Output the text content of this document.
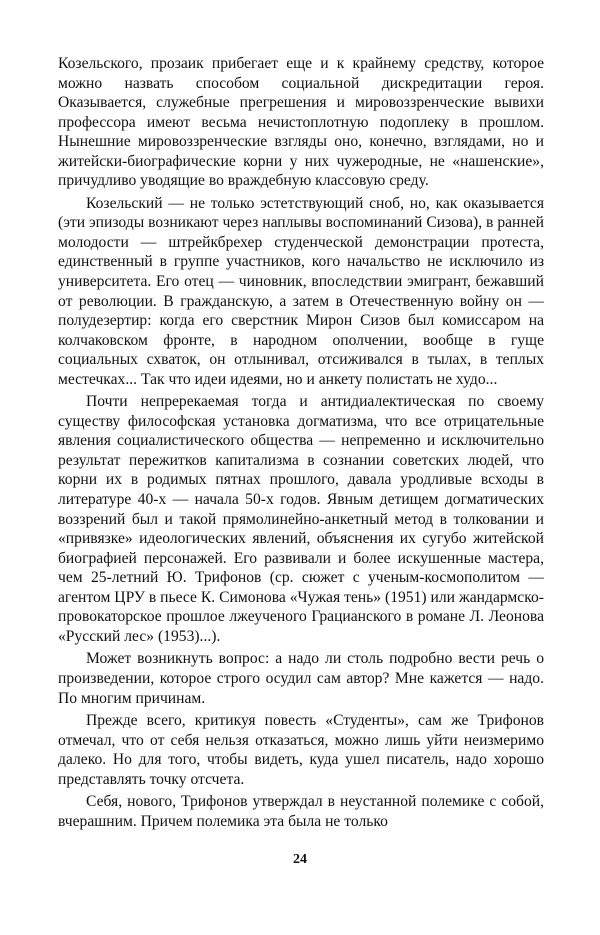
Козельского, прозаик прибегает еще и к крайнему средству, которое можно назвать способом социальной дискредитации героя. Оказывается, служебные прегрешения и мировоззренческие вывихи профессора имеют весьма нечистоплотную подоплеку в прошлом. Нынешние мировоззренческие взгляды оно, конечно, взглядами, но и житейски-биографические корни у них чужеродные, не «нашенские», причудливо уводящие во враждебную классовую среду.

Козельский — не только эстетствующий сноб, но, как оказывается (эти эпизоды возникают через наплывы воспоминаний Сизова), в ранней молодости — штрейкбрехер студенческой демонстрации протеста, единственный в группе участников, кого начальство не исключило из университета. Его отец — чиновник, впоследствии эмигрант, бежавший от революции. В гражданскую, а затем в Отечественную войну он — полудезертир: когда его сверстник Мирон Сизов был комиссаром на колчаковском фронте, в народном ополчении, вообще в гуще социальных схваток, он отлынивал, отсиживался в тылах, в теплых местечках... Так что идеи идеями, но и анкету полистать не худо...

Почти непререкаемая тогда и антидиалектическая по своему существу философская установка догматизма, что все отрицательные явления социалистического общества — непременно и исключительно результат пережитков капитализма в сознании советских людей, что корни их в родимых пятнах прошлого, давала уродливые всходы в литературе 40-х — начала 50-х годов. Явным детищем догматических воззрений был и такой прямолинейно-анкетный метод в толковании и «привязке» идеологических явлений, объяснения их сугубо житейской биографией персонажей. Его развивали и более искушенные мастера, чем 25-летний Ю. Трифонов (ср. сюжет с ученым-космополитом — агентом ЦРУ в пьесе К. Симонова «Чужая тень» (1951) или жандармско-провокаторское прошлое лжеученого Грацианского в романе Л. Леонова «Русский лес» (1953)...).

Может возникнуть вопрос: а надо ли столь подробно вести речь о произведении, которое строго осудил сам автор? Мне кажется — надо. По многим причинам.

Прежде всего, критикуя повесть «Студенты», сам же Трифонов отмечал, что от себя нельзя отказаться, можно лишь уйти неизмеримо далеко. Но для того, чтобы видеть, куда ушел писатель, надо хорошо представлять точку отсчета.

Себя, нового, Трифонов утверждал в неустанной полемике с собой, вчерашним. Причем полемика эта была не только

24
